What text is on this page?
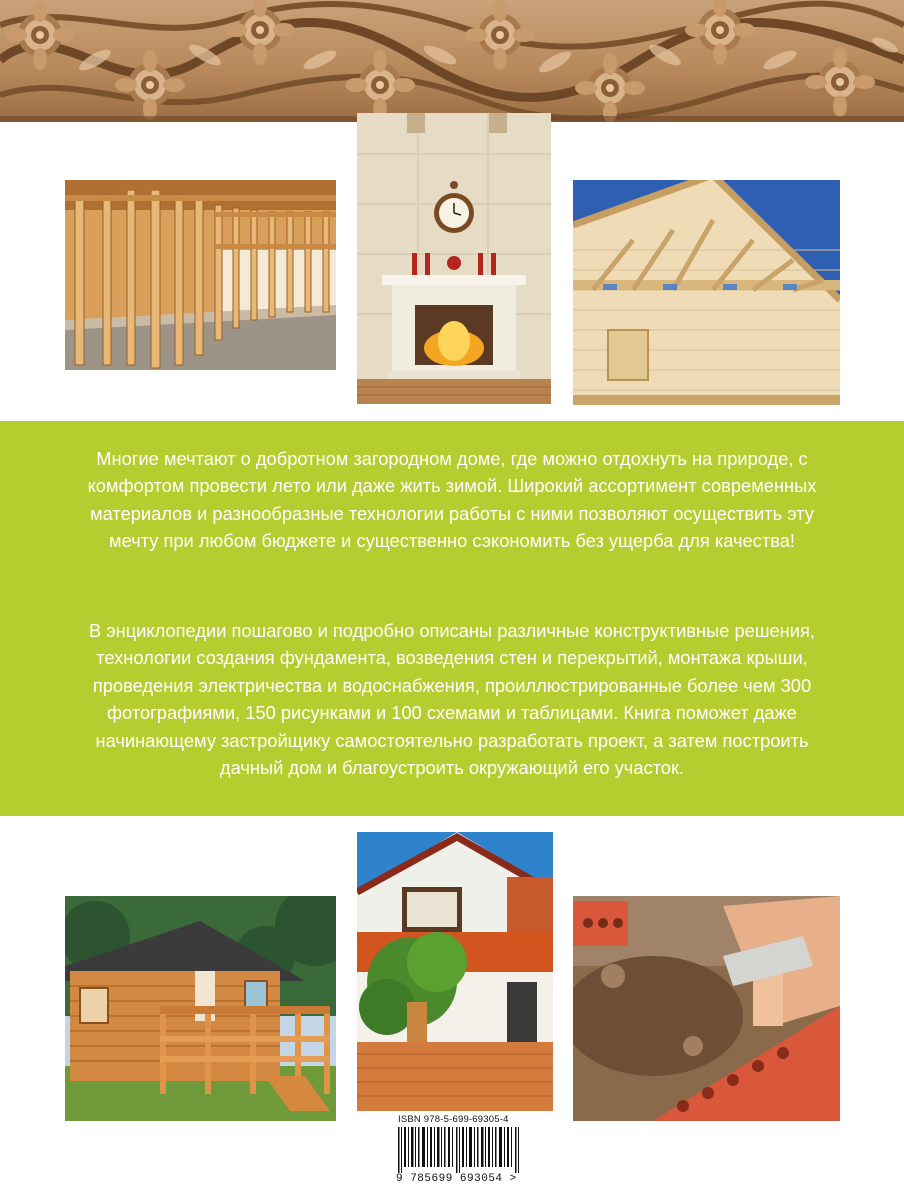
Многие мечтают о добротном загородном доме, где можно отдохнуть на природе, с комфортом провести лето или даже жить зимой. Широкий ассортимент современных материалов и разнообразные технологии работы с ними позволяют осуществить эту мечту при любом бюджете и существенно сэкономить без ущерба для качества!

В энциклопедии пошагово и подробно описаны различные конструктивные решения, технологии создания фундамента, возведения стен и перекрытий, монтажа крыши, проведения электричества и водоснабжения, проиллюстрированные более чем 300 фотографиями, 150 рисунками и 100 схемами и таблицами. Книга поможет даже начинающему застройщику самостоятельно разработать проект, а затем построить дачный дом и благоустроить окружающий его участок.

ISBN 978-5-699-69305-4
9 785699 693054 >
